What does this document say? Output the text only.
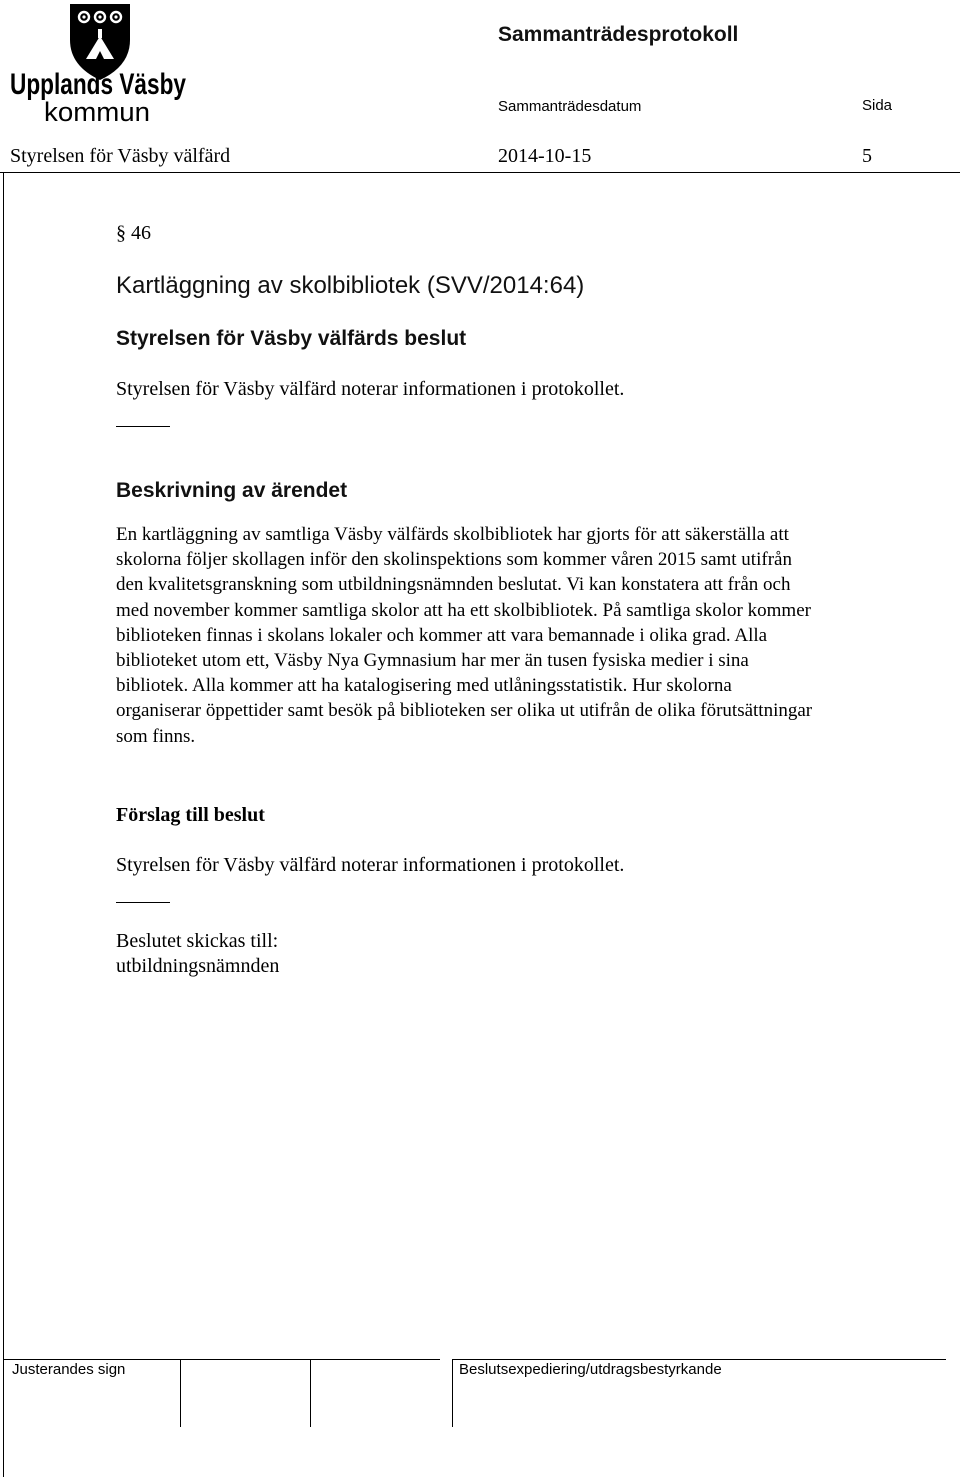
Upplands Väsby
kommun
Sammanträdesprotokoll
Sammanträdesdatum	Sida
Styrelsen för Väsby välfärd	2014-10-15	5
§ 46
Kartläggning av skolbibliotek (SVV/2014:64)
Styrelsen för Väsby välfärds beslut
Styrelsen för Väsby välfärd noterar informationen i protokollet.
Beskrivning av ärendet
En kartläggning av samtliga Väsby välfärds skolbibliotek har gjorts för att säkerställa att
skolorna följer skollagen inför den skolinspektions som kommer våren 2015 samt utifrån
den kvalitetsgranskning som utbildningsnämnden beslutat. Vi kan konstatera att från och
med november kommer samtliga skolor att ha ett skolbibliotek. På samtliga skolor kommer
biblioteken finnas i skolans lokaler och kommer att vara bemannade i olika grad. Alla
biblioteket utom ett, Väsby Nya Gymnasium har mer än tusen fysiska medier i sina
bibliotek. Alla kommer att ha katalogisering med utlåningsstatistik. Hur skolorna
organiserar öppettider samt besök på biblioteken ser olika ut utifrån de olika förutsättningar
som finns.
Förslag till beslut
Styrelsen för Väsby välfärd noterar informationen i protokollet.
Beslutet skickas till:
utbildningsnämnden
Justerandes sign	Beslutsexpediering/utdragsbestyrkande
